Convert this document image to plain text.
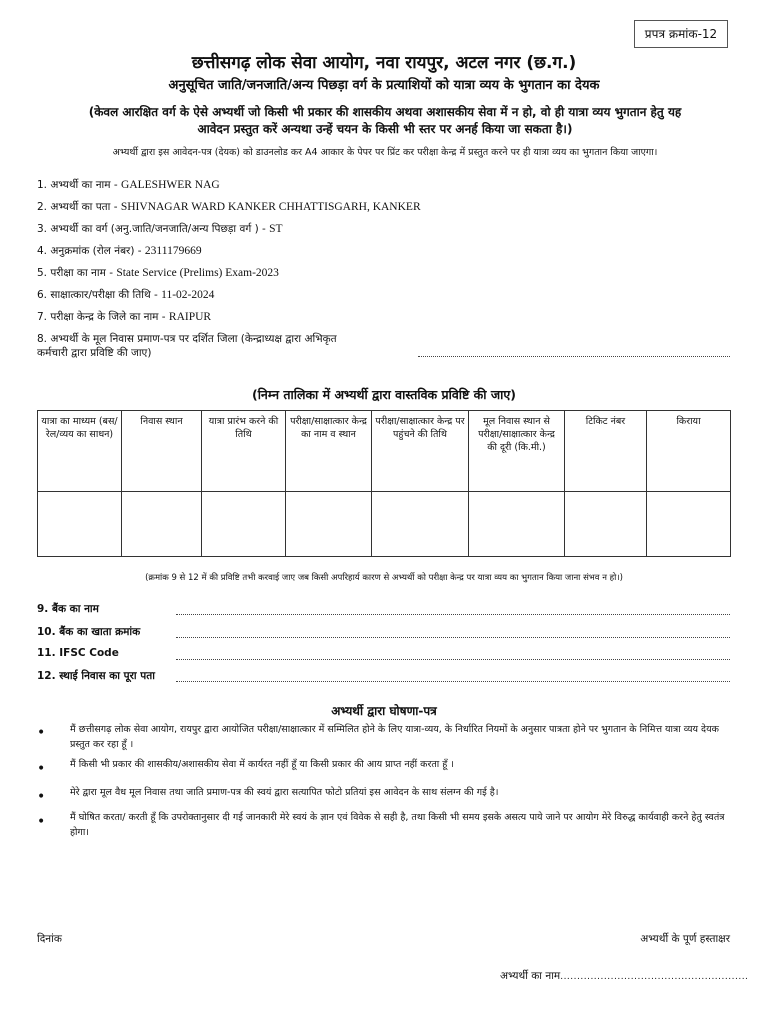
प्रपत्र क्रमांक-12
छत्तीसगढ़ लोक सेवा आयोग, नवा रायपुर, अटल नगर (छ.ग.)
अनुसूचित जाति/जनजाति/अन्य पिछड़ा वर्ग के प्रत्याशियों को यात्रा व्यय के भुगतान का देयक
(केवल आरक्षित वर्ग के ऐसे अभ्यर्थी जो किसी भी प्रकार की शासकीय अथवा अशासकीय सेवा में न हो, वो ही यात्रा व्यय भुगतान हेतु यह
आवेदन प्रस्तुत करें अन्यथा उन्हें चयन के किसी भी स्तर पर अनर्ह किया जा सकता है।)
अभ्यर्थी द्वारा इस आवेदन-पत्र (देयक) को डाउनलोड कर A4 आकार के पेपर पर प्रिंट कर परीक्षा केन्द्र में प्रस्तुत करने पर ही यात्रा व्यय का भुगतान किया जाएगा।
1. अभ्यर्थी का नाम - GALESHWER NAG
2. अभ्यर्थी का पता - SHIVNAGAR WARD KANKER CHHATTISGARH, KANKER
3. अभ्यर्थी का वर्ग (अनु.जाति/जनजाति/अन्य पिछड़ा वर्ग ) - ST
4. अनुक्रमांक (रोल नंबर) - 2311179669
5. परीक्षा का नाम - State Service (Prelims) Exam-2023
6. साक्षात्कार/परीक्षा की तिथि - 11-02-2024
7. परीक्षा केन्द्र के जिले का नाम - RAIPUR
8. अभ्यर्थी के मूल निवास प्रमाण-पत्र पर दर्शित जिला (केन्द्राध्यक्ष द्वारा अभिकृत
कर्मचारी द्वारा प्रविष्टि की जाए)
(निम्न तालिका में अभ्यर्थी द्वारा वास्तविक प्रविष्टि की जाए)
यात्रा का माध्यम (बस/रेल/व्यय का साधन)	निवास स्थान	यात्रा प्रारंभ करने की तिथि	परीक्षा/साक्षात्कार केन्द्र का नाम व स्थान	परीक्षा/साक्षात्कार केन्द्र पर पहुंचने की तिथि	मूल निवास स्थान से परीक्षा/साक्षात्कार केन्द्र की दूरी (कि.मी.)	टिकिट नंबर	किराया

(क्रमांक 9 से 12 में की प्रविष्टि तभी करवाई जाए जब किसी अपरिहार्य कारण से अभ्यर्थी को परीक्षा केन्द्र पर यात्रा व्यय का भुगतान किया जाना संभव न हो।)
9. बैंक का नाम
10. बैंक का खाता क्रमांक
11. IFSC Code
12. स्थाई निवास का पूरा पता
अभ्यर्थी द्वारा घोषणा-पत्र
•	मैं छत्तीसगढ़ लोक सेवा आयोग, रायपुर द्वारा आयोजित परीक्षा/साक्षात्कार में सम्मिलित होने के लिए यात्रा-व्यय, के निर्धारित नियमों के अनुसार पात्रता होने पर भुगतान के निमित्त यात्रा व्यय देयक प्रस्तुत कर रहा हूँ ।
•	मैं किसी भी प्रकार की शासकीय/अशासकीय सेवा में कार्यरत नहीं हूँ या किसी प्रकार की आय प्राप्त नहीं करता हूँ ।
•	मेरे द्वारा मूल वैध मूल निवास तथा जाति प्रमाण-पत्र की स्वयं द्वारा सत्यापित फोटो प्रतियां इस आवेदन के साथ संलग्न की गई है।
•	मैं घोषित करता/ करती हूँ कि उपरोक्तानुसार दी गई जानकारी मेरे स्वयं के ज्ञान एवं विवेक से सही है, तथा किसी भी समय इसके असत्य पाये जाने पर आयोग मेरे विरुद्ध कार्यवाही करने हेतु स्वतंत्र होगा।
दिनांक	अभ्यर्थी के पूर्ण हस्ताक्षर
अभ्यर्थी का नाम........................................................
